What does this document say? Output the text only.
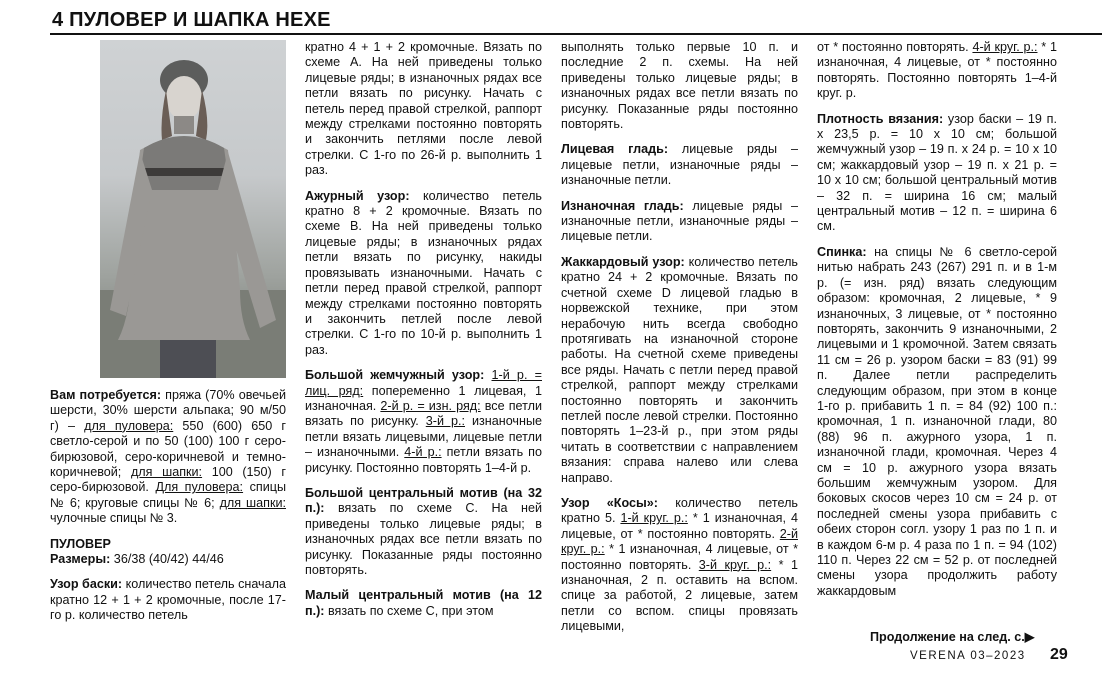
4 ПУЛОВЕР И ШАПКА НЕХЕ

Вам потребуется: пряжа (70% овечьей шерсти, 30% шерсти альпака; 90 м/50 г) – для пуловера: 550 (600) 650 г светло-серой и по 50 (100) 100 г серо-бирюзовой, серо-коричневой и темно-коричневой; для шапки: 100 (150) г серо-бирюзовой. Для пуловера: спицы № 6; круговые спицы № 6; для шапки: чулочные спицы № 3.

ПУЛОВЕР
Размеры: 36/38 (40/42) 44/46

Узор баски: количество петель сначала кратно 12 + 1 + 2 кромочные, после 17-го р. количество петель

кратно 4 + 1 + 2 кромочные. Вязать по схеме А. На ней приведены только лицевые ряды; в изнаночных рядах все петли вязать по рисунку. Начать с петель перед правой стрелкой, раппорт между стрелками постоянно повторять и закончить петлями после левой стрелки. С 1-го по 26-й р. выполнить 1 раз.

Ажурный узор: количество петель кратно 8 + 2 кромочные. Вязать по схеме В. На ней приведены только лицевые ряды; в изнаночных рядах петли вязать по рисунку, накиды провязывать изнаночными. Начать с петли перед правой стрелкой, раппорт между стрелками постоянно повторять и закончить петлей после левой стрелки. С 1-го по 10-й р. выполнить 1 раз.

Большой жемчужный узор: 1-й р. = лиц. ряд: попеременно 1 лицевая, 1 изнаночная. 2-й р. = изн. ряд: все петли вязать по рисунку. 3-й р.: изнаночные петли вязать лицевыми, лицевые петли – изнаночными. 4-й р.: петли вязать по рисунку. Постоянно повторять 1–4-й р.

Большой центральный мотив (на 32 п.): вязать по схеме С. На ней приведены только лицевые ряды; в изнаночных рядах все петли вязать по рисунку. Показанные ряды постоянно повторять.

Малый центральный мотив (на 12 п.): вязать по схеме С, при этом

выполнять только первые 10 п. и последние 2 п. схемы. На ней приведены только лицевые ряды; в изнаночных рядах все петли вязать по рисунку. Показанные ряды постоянно повторять.

Лицевая гладь: лицевые ряды – лицевые петли, изнаночные ряды – изнаночные петли.

Изнаночная гладь: лицевые ряды – изнаночные петли, изнаночные ряды – лицевые петли.

Жаккардовый узор: количество петель кратно 24 + 2 кромочные. Вязать по счетной схеме D лицевой гладью в норвежской технике, при этом нерабочую нить всегда свободно протягивать на изнаночной стороне работы. На счетной схеме приведены все ряды. Начать с петли перед правой стрелкой, раппорт между стрелками постоянно повторять и закончить петлей после левой стрелки. Постоянно повторять 1–23-й р., при этом ряды читать в соответствии с направлением вязания: справа налево или слева направо.

Узор «Косы»: количество петель кратно 5. 1-й круг. р.: * 1 изнаночная, 4 лицевые, от * постоянно повторять. 2-й круг. р.: * 1 изнаночная, 4 лицевые, от * постоянно повторять. 3-й круг. р.: * 1 изнаночная, 2 п. оставить на вспом. спице за работой, 2 лицевые, затем петли со вспом. спицы провязать лицевыми,

от * постоянно повторять. 4-й круг. р.: * 1 изнаночная, 4 лицевые, от * постоянно повторять. Постоянно повторять 1–4-й круг. р.

Плотность вязания: узор баски – 19 п. x 23,5 р. = 10 x 10 см; большой жемчужный узор – 19 п. x 24 р. = 10 x 10 см; жаккардовый узор – 19 п. x 21 р. = 10 x 10 см; большой центральный мотив – 32 п. = ширина 16 см; малый центральный мотив – 12 п. = ширина 6 см.

Спинка: на спицы № 6 светло-серой нитью набрать 243 (267) 291 п. и в 1-м р. (= изн. ряд) вязать следующим образом: кромочная, 2 лицевые, * 9 изнаночных, 3 лицевые, от * постоянно повторять, закончить 9 изнаночными, 2 лицевыми и 1 кромочной. Затем связать 11 см = 26 р. узором баски = 83 (91) 99 п. Далее петли распределить следующим образом, при этом в конце 1-го р. прибавить 1 п. = 84 (92) 100 п.: кромочная, 1 п. изнаночной глади, 80 (88) 96 п. ажурного узора, 1 п. изнаночной глади, кромочная. Через 4 см = 10 р. ажурного узора вязать большим жемчужным узором. Для боковых скосов через 10 см = 24 р. от последней смены узора прибавить с обеих сторон согл. узору 1 раз по 1 п. и в каждом 6-м р. 4 раза по 1 п. = 94 (102) 110 п. Через 22 см = 52 р. от последней смены узора продолжить работу жаккардовым

Продолжение на след. с.▶
VERENA 03–2023 29
